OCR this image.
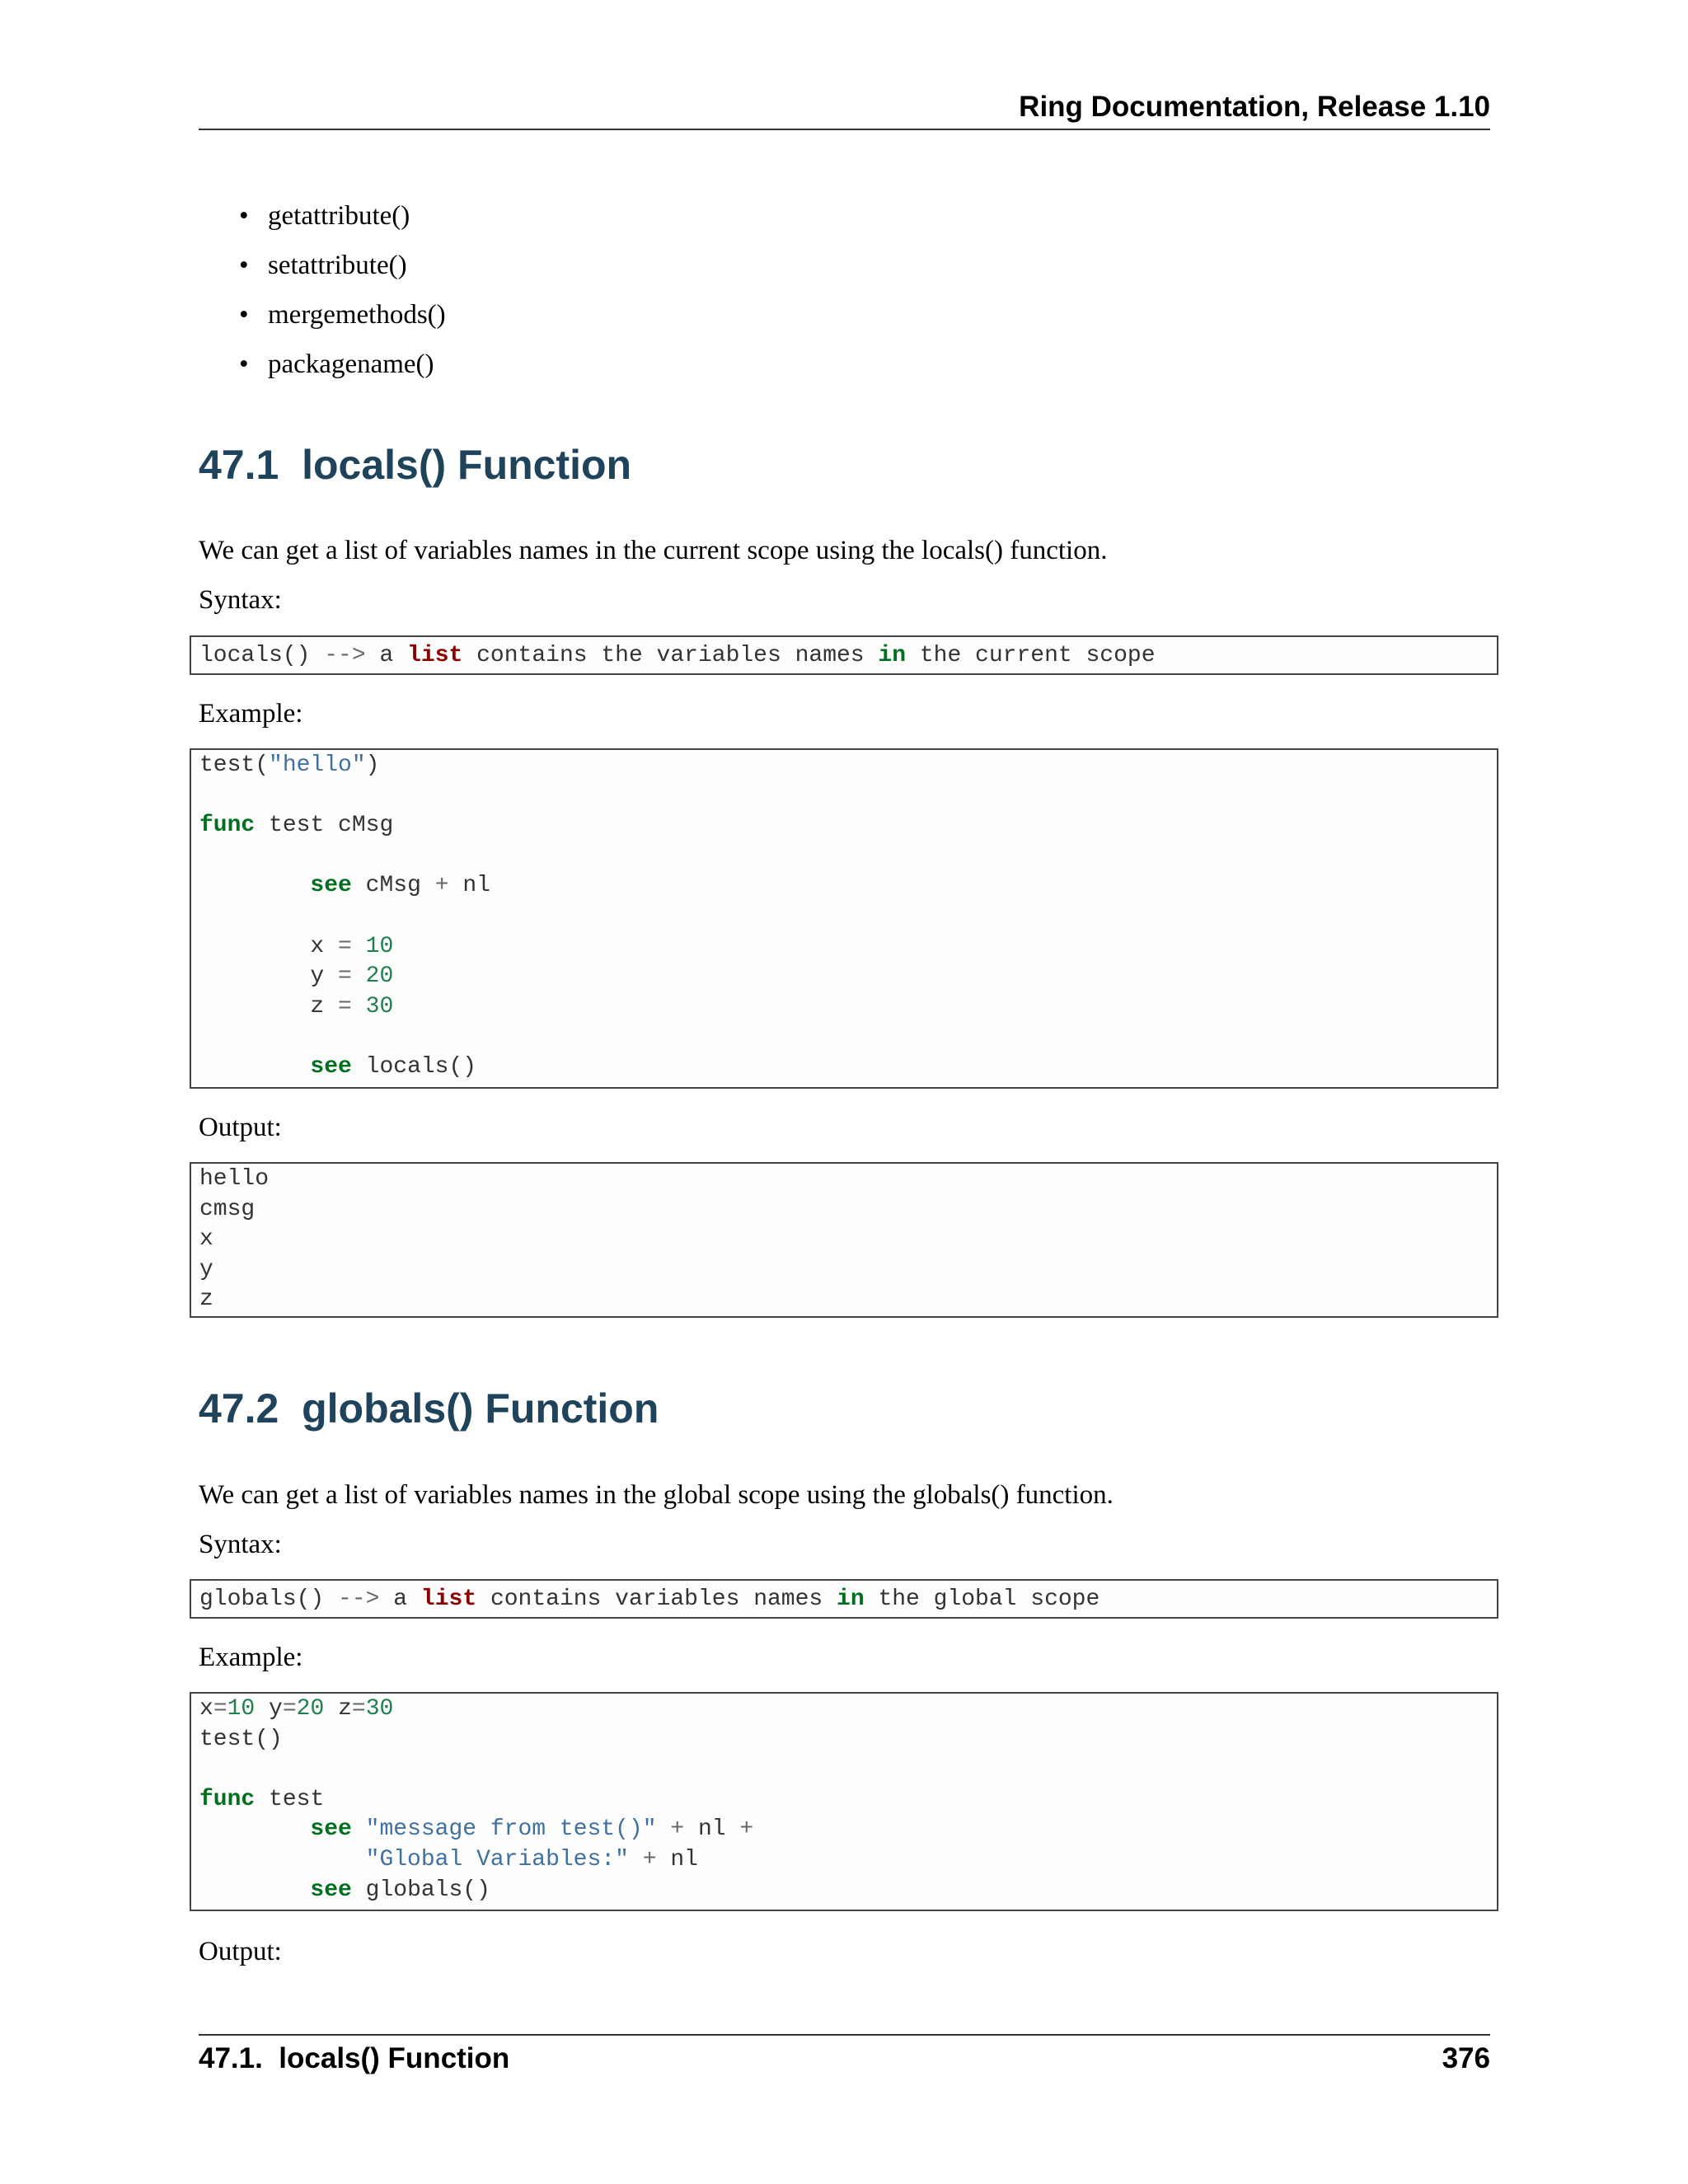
Ring Documentation, Release 1.10
• getattribute()
• setattribute()
• mergemethods()
• packagename()
47.1  locals() Function
We can get a list of variables names in the current scope using the locals() function.
Syntax:
locals() --> a list contains the variables names in the current scope
Example:
test("hello")

func test cMsg

see cMsg + nl

x = 10
y = 20
z = 30

see locals()
Output:
hello
cmsg
x
y
z
47.2  globals() Function
We can get a list of variables names in the global scope using the globals() function.
Syntax:
globals() --> a list contains variables names in the global scope
Example:
x=10 y=20 z=30
test()

func test
see "message from test()" + nl +
"Global Variables:" + nl
see globals()
Output:
47.1.  locals() Function	376
